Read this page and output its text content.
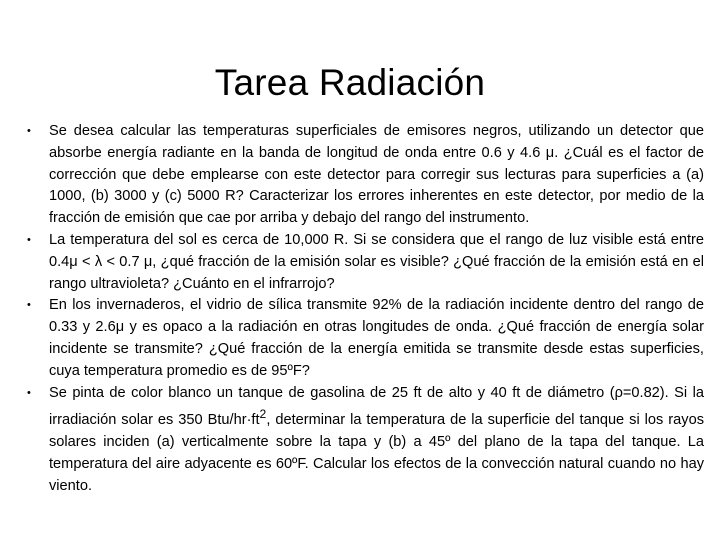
Tarea Radiación
• Se desea calcular las temperaturas superficiales de emisores negros, utilizando un detector que absorbe energía radiante en la banda de longitud de onda entre 0.6 y 4.6 μ. ¿Cuál es el factor de corrección que debe emplearse con este detector para corregir sus lecturas para superficies a (a) 1000, (b) 3000 y (c) 5000 R? Caracterizar los errores inherentes en este detector, por medio de la fracción de emisión que cae por arriba y debajo del rango del instrumento.
• La temperatura del sol es cerca de 10,000 R. Si se considera que el rango de luz visible está entre 0.4μ < λ < 0.7 μ, ¿qué fracción de la emisión solar es visible? ¿Qué fracción de la emisión está en el rango ultravioleta? ¿Cuánto en el infrarrojo?
• En los invernaderos, el vidrio de sílica transmite 92% de la radiación incidente dentro del rango de 0.33 y 2.6μ y es opaco a la radiación en otras longitudes de onda. ¿Qué fracción de energía solar incidente se transmite? ¿Qué fracción de la energía emitida se transmite desde estas superficies, cuya temperatura promedio es de 95ºF?
• Se pinta de color blanco un tanque de gasolina de 25 ft de alto y 40 ft de diámetro (ρ=0.82). Si la irradiación solar es 350 Btu/$hr\cdot ft^2$, determinar la temperatura de la superficie del tanque si los rayos solares inciden (a) verticalmente sobre la tapa y (b) a 45º del plano de la tapa del tanque. La temperatura del aire adyacente es 60ºF. Calcular los efectos de la convección natural cuando no hay viento.
